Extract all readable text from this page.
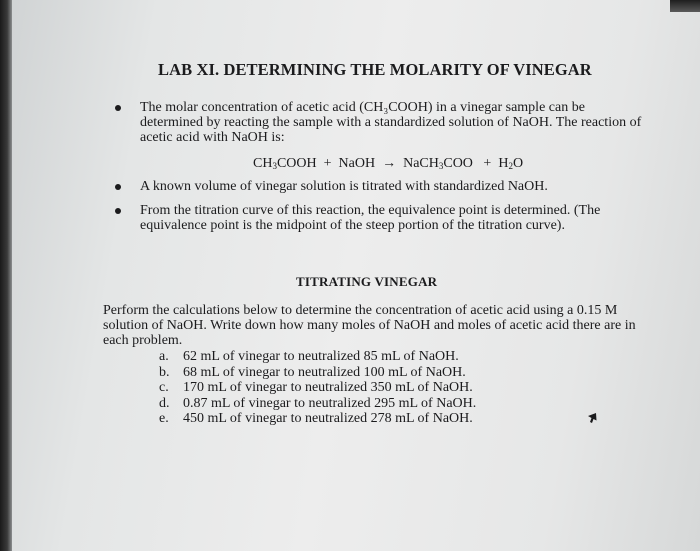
LAB XI. DETERMINING THE MOLARITY OF VINEGAR
The molar concentration of acetic acid (CH₃COOH) in a vinegar sample can be determined by reacting the sample with a standardized solution of NaOH. The reaction of acetic acid with NaOH is:
A known volume of vinegar solution is titrated with standardized NaOH.
From the titration curve of this reaction, the equivalence point is determined. (The equivalence point is the midpoint of the steep portion of the titration curve).
$CH_3COOH$ + NaOH → NaCH$_3$COO + $H_2O$
TITRATING VINEGAR
Perform the calculations below to determine the concentration of acetic acid using a 0.15 M solution of NaOH. Write down how many moles of NaOH and moles of acetic acid there are in each problem.
a.	62 mL of vinegar to neutralized 85 mL of NaOH.
b. 68 mL of vinegar to neutralized 100 mL of NaOH.
c.	170 mL of vinegar to neutralized 350 mL of NaOH.
d. 0.87 mL of vinegar to neutralized 295 mL of NaOH.
e.	450 mL of vinegar to neutralized 278 mL of NaOH.
